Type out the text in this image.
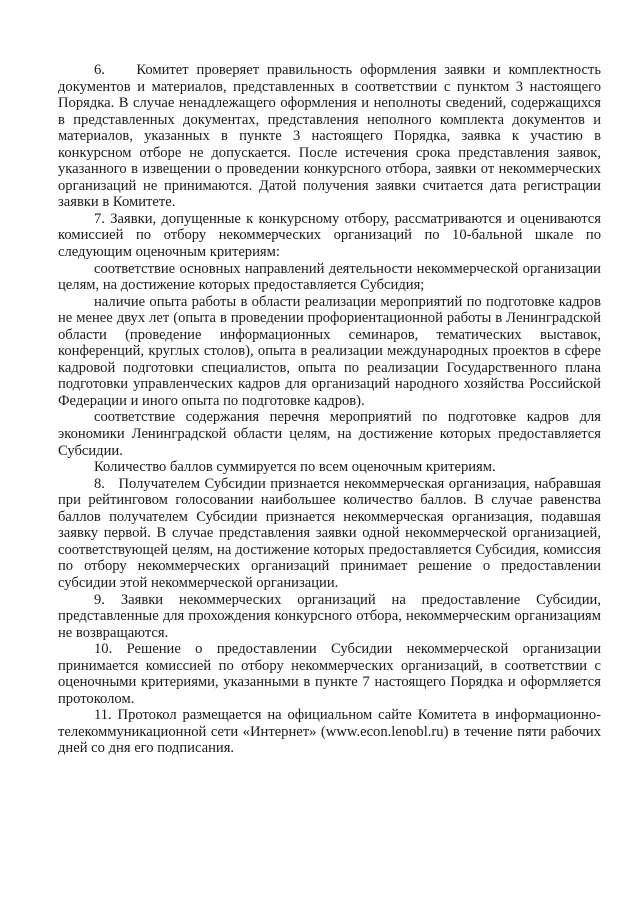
6.    Комитет проверяет правильность оформления заявки и комплектность документов и материалов, представленных в соответствии с пунктом 3 настоящего Порядка. В случае ненадлежащего оформления и неполноты сведений, содержащихся в представленных документах, представления неполного комплекта документов и материалов, указанных в пункте 3 настоящего Порядка, заявка к участию в конкурсном отборе не допускается. После истечения срока представления заявок, указанного в извещении о проведении конкурсного отбора, заявки от некоммерческих организаций не принимаются. Датой получения заявки считается дата регистрации заявки в Комитете.

7. Заявки, допущенные к конкурсному отбору, рассматриваются и оцениваются комиссией по отбору некоммерческих организаций по 10-бальной шкале по следующим оценочным критериям:

соответствие основных направлений деятельности некоммерческой организации целям, на достижение которых предоставляется Субсидия;

наличие опыта работы в области реализации мероприятий по подготовке кадров не менее двух лет (опыта в проведении профориентационной работы в Ленинградской области (проведение информационных семинаров, тематических выставок, конференций, круглых столов), опыта в реализации международных проектов в сфере кадровой подготовки специалистов, опыта по реализации Государственного плана подготовки управленческих кадров для организаций народного хозяйства Российской Федерации и иного опыта по подготовке кадров).

соответствие содержания перечня мероприятий по подготовке кадров для экономики Ленинградской области целям, на достижение которых предоставляется Субсидии.

Количество баллов суммируется по всем оценочным критериям.

8.   Получателем Субсидии признается некоммерческая организация, набравшая при рейтинговом голосовании наибольшее количество баллов. В случае равенства баллов получателем Субсидии признается некоммерческая организация, подавшая заявку первой. В случае представления заявки одной некоммерческой организацией, соответствующей целям, на достижение которых предоставляется Субсидия, комиссия по отбору некоммерческих организаций принимает решение о предоставлении субсидии этой некоммерческой организации.

9. Заявки некоммерческих организаций на предоставление Субсидии, представленные для прохождения конкурсного отбора, некоммерческим организациям не возвращаются.

10. Решение о предоставлении Субсидии некоммерческой организации принимается комиссией по отбору некоммерческих организаций, в соответствии с оценочными критериями, указанными в пункте 7 настоящего Порядка и оформляется протоколом.

11. Протокол размещается на официальном сайте Комитета в информационно-телекоммуникационной сети «Интернет» (www.econ.lenobl.ru) в течение пяти рабочих дней со дня его подписания.
